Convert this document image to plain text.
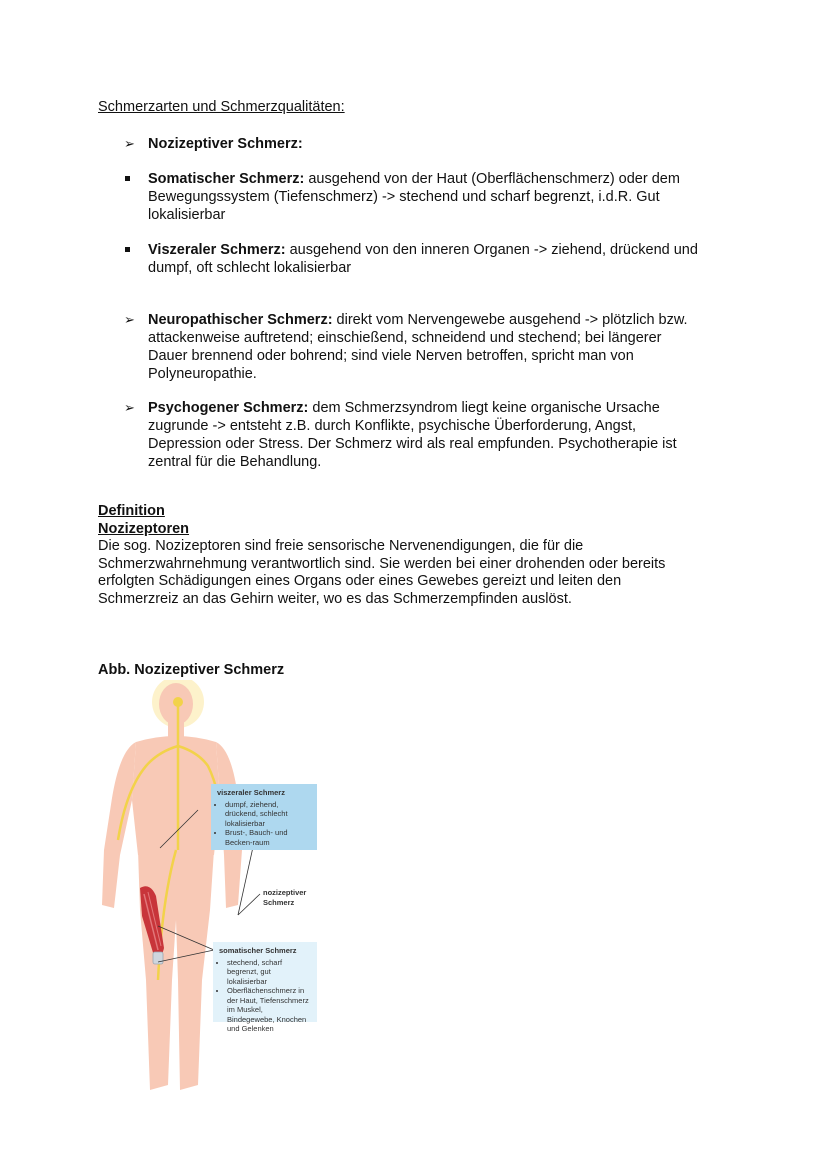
Schmerzarten und Schmerzqualitäten:
➢ Nozizeptiver Schmerz:
Somatischer Schmerz: ausgehend von der Haut (Oberflächenschmerz) oder dem
Bewegungssystem (Tiefenschmerz) -> stechend und scharf begrenzt, i.d.R. Gut
lokalisierbar
Viszeraler Schmerz: ausgehend von den inneren Organen -> ziehend, drückend und
dumpf, oft schlecht lokalisierbar
➢ Neuropathischer Schmerz: direkt vom Nervengewebe ausgehend -> plötzlich bzw.
attackenweise auftretend; einschießend, schneidend und stechend; bei längerer
Dauer brennend oder bohrend; sind viele Nerven betroffen, spricht man von
Polyneuropathie.
➢ Psychogener Schmerz: dem Schmerzsyndrom liegt keine organische Ursache
zugrunde -> entsteht z.B. durch Konflikte, psychische Überforderung, Angst,
Depression oder Stress. Der Schmerz wird als real empfunden. Psychotherapie ist
zentral für die Behandlung.
Definition
Nozizeptoren
Die sog. Nozizeptoren sind freie sensorische Nervenendigungen, die für die
Schmerzwahrnehmung verantwortlich sind. Sie werden bei einer drohenden oder bereits
erfolgten Schädigungen eines Organs oder eines Gewebes gereizt und leiten den
Schmerzreiz an das Gehirn weiter, wo es das Schmerzempfinden auslöst.
Abb. Nozizeptiver Schmerz
viszeraler Schmerz
• dumpf, ziehend, drückend, schlecht lokalisierbar
• Brust-, Bauch- und Becken-raum
nozizeptiver
Schmerz
somatischer Schmerz
• stechend, scharf begrenzt, gut lokalisierbar
• Oberflächenschmerz in der Haut, Tiefenschmerz im Muskel, Bindegewebe, Knochen und Gelenken
